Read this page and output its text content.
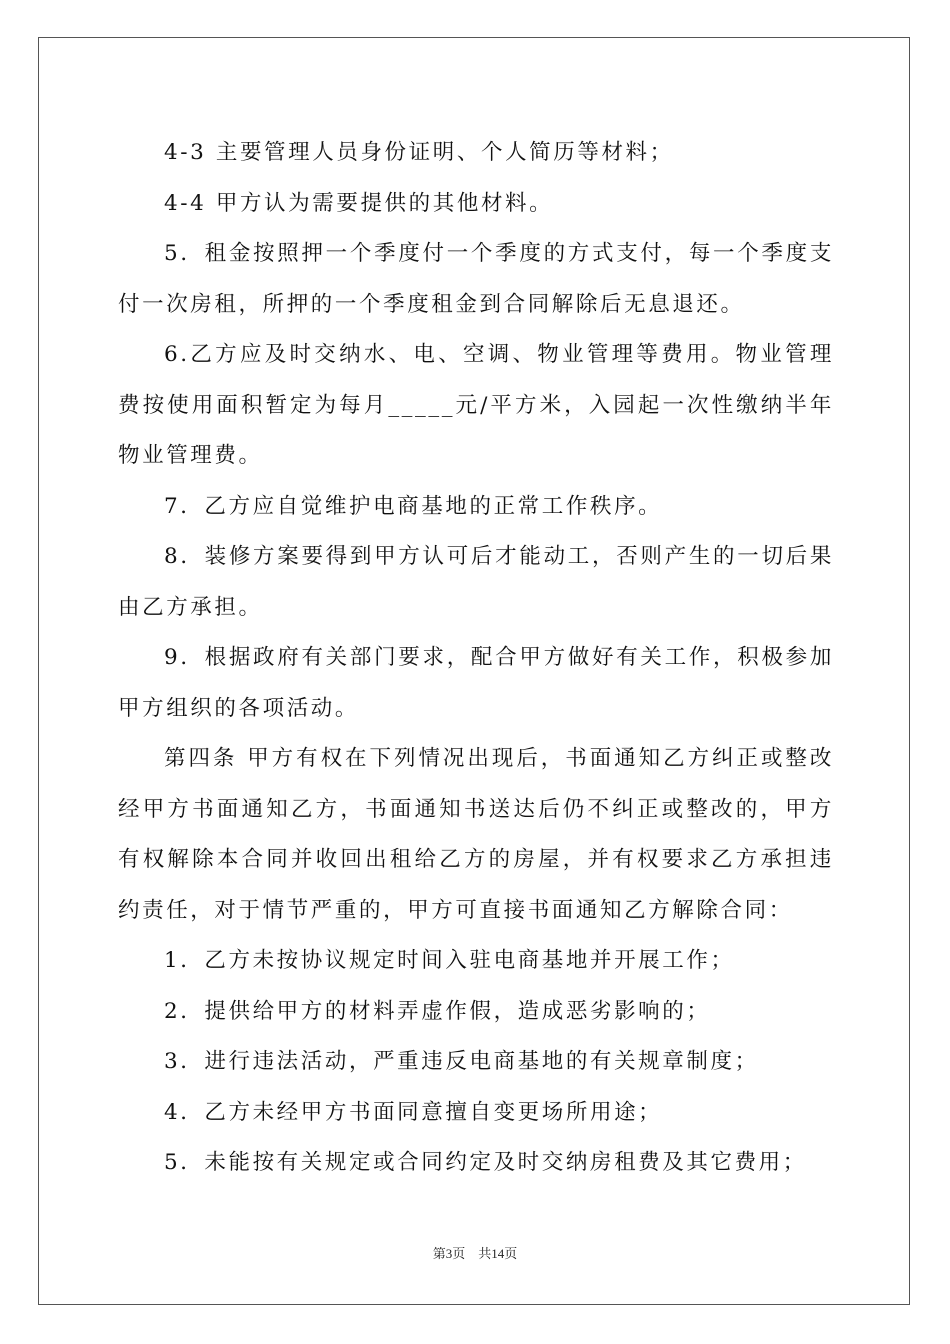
4-3 主要管理人员身份证明、个人简历等材料；

4-4 甲方认为需要提供的其他材料。

5．租金按照押一个季度付一个季度的方式支付，每一个季度支付一次房租，所押的一个季度租金到合同解除后无息退还。

6.乙方应及时交纳水、电、空调、物业管理等费用。物业管理费按使用面积暂定为每月_____元/平方米，入园起一次性缴纳半年物业管理费。

7．乙方应自觉维护电商基地的正常工作秩序。

8．装修方案要得到甲方认可后才能动工，否则产生的一切后果由乙方承担。

9．根据政府有关部门要求，配合甲方做好有关工作，积极参加甲方组织的各项活动。

第四条 甲方有权在下列情况出现后，书面通知乙方纠正或整改经甲方书面通知乙方，书面通知书送达后仍不纠正或整改的，甲方有权解除本合同并收回出租给乙方的房屋，并有权要求乙方承担违约责任，对于情节严重的，甲方可直接书面通知乙方解除合同：

1．乙方未按协议规定时间入驻电商基地并开展工作；

2．提供给甲方的材料弄虚作假，造成恶劣影响的；

3．进行违法活动，严重违反电商基地的有关规章制度；

4．乙方未经甲方书面同意擅自变更场所用途；

5．未能按有关规定或合同约定及时交纳房租费及其它费用；

第3页　共14页
